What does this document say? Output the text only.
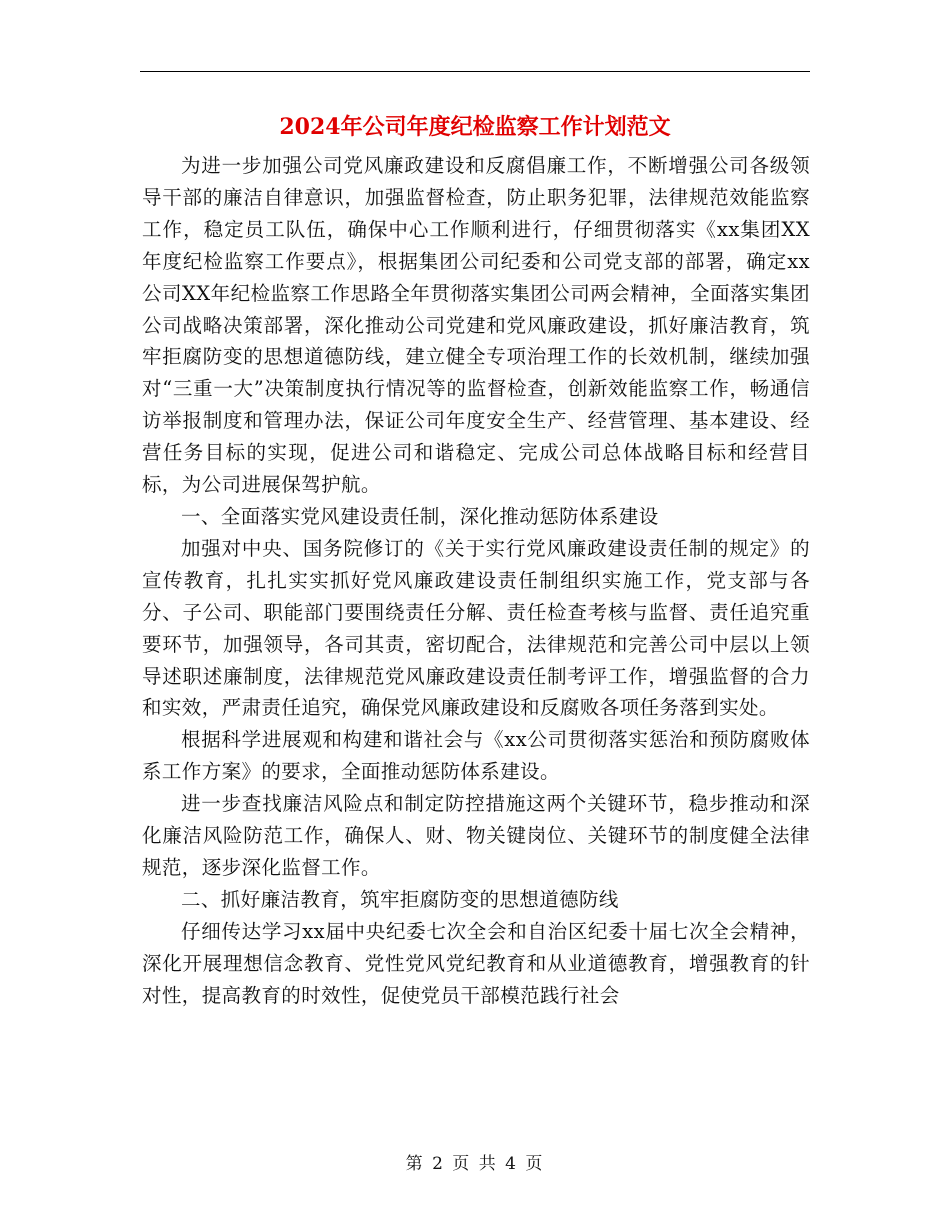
2024年公司年度纪检监察工作计划范文

为进一步加强公司党风廉政建设和反腐倡廉工作，不断增强公司各级领导干部的廉洁自律意识，加强监督检查，防止职务犯罪，法律规范效能监察工作，稳定员工队伍，确保中心工作顺利进行，仔细贯彻落实《xx集团XX年度纪检监察工作要点》，根据集团公司纪委和公司党支部的部署，确定xx公司XX年纪检监察工作思路全年贯彻落实集团公司两会精神，全面落实集团公司战略决策部署，深化推动公司党建和党风廉政建设，抓好廉洁教育，筑牢拒腐防变的思想道德防线，建立健全专项治理工作的长效机制，继续加强对“三重一大”决策制度执行情况等的监督检查，创新效能监察工作，畅通信访举报制度和管理办法，保证公司年度安全生产、经营管理、基本建设、经营任务目标的实现，促进公司和谐稳定、完成公司总体战略目标和经营目标，为公司进展保驾护航。

一、全面落实党风建设责任制，深化推动惩防体系建设

加强对中央、国务院修订的《关于实行党风廉政建设责任制的规定》的宣传教育，扎扎实实抓好党风廉政建设责任制组织实施工作，党支部与各分、子公司、职能部门要围绕责任分解、责任检查考核与监督、责任追究重要环节，加强领导，各司其责，密切配合，法律规范和完善公司中层以上领导述职述廉制度，法律规范党风廉政建设责任制考评工作，增强监督的合力和实效，严肃责任追究，确保党风廉政建设和反腐败各项任务落到实处。

根据科学进展观和构建和谐社会与《xx公司贯彻落实惩治和预防腐败体系工作方案》的要求，全面推动惩防体系建设。

进一步查找廉洁风险点和制定防控措施这两个关键环节，稳步推动和深化廉洁风险防范工作，确保人、财、物关键岗位、关键环节的制度健全法律规范，逐步深化监督工作。

二、抓好廉洁教育，筑牢拒腐防变的思想道德防线

仔细传达学习xx届中央纪委七次全会和自治区纪委十届七次全会精神，深化开展理想信念教育、党性党风党纪教育和从业道德教育，增强教育的针对性，提高教育的时效性，促使党员干部模范践行社会

第 2 页 共 4 页
